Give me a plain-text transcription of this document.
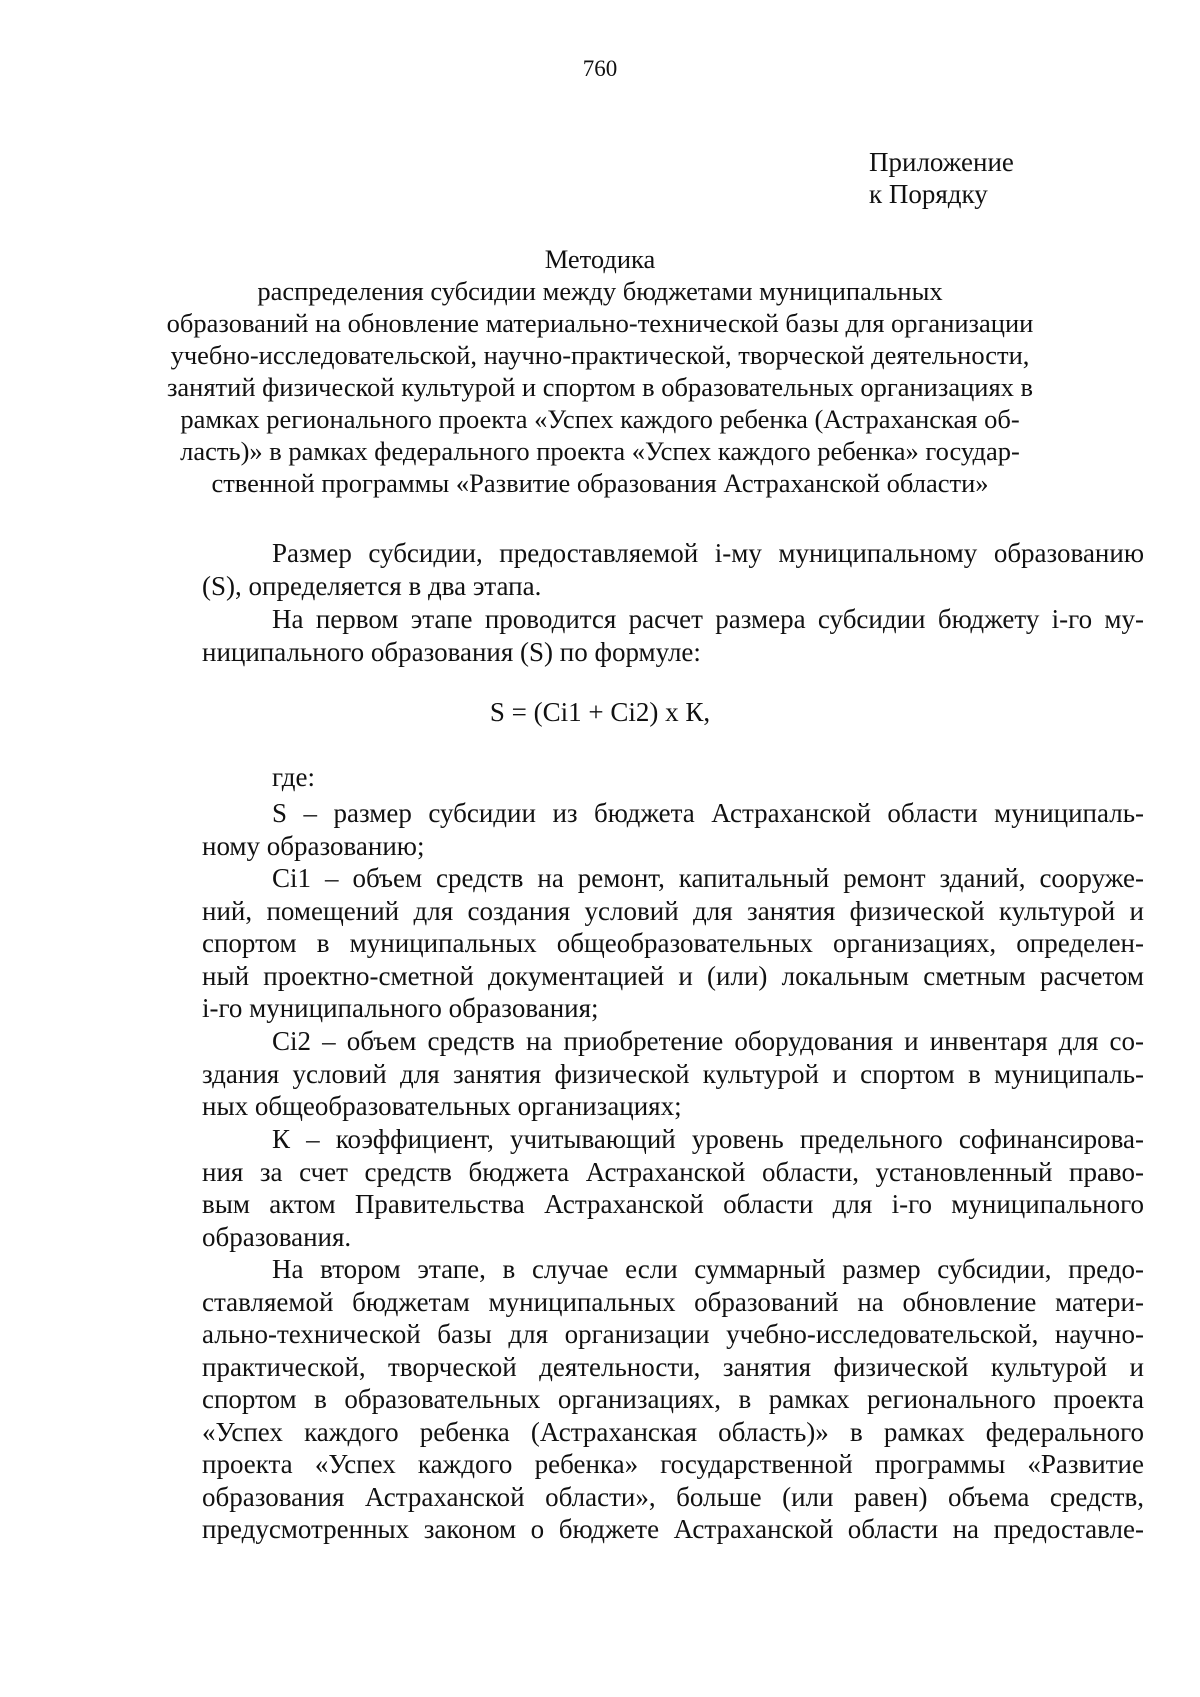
760
Приложение
к Порядку
Методика
распределения субсидии между бюджетами муниципальных
образований на обновление материально-технической базы для организации
учебно-исследовательской, научно-практической, творческой деятельности,
занятий физической культурой и спортом в образовательных организациях в
рамках регионального проекта «Успех каждого ребенка (Астраханская об-
ласть)» в рамках федерального проекта «Успех каждого ребенка» государ-
ственной программы «Развитие образования Астраханской области»
Размер субсидии, предоставляемой i-му муниципальному образованию
(S), определяется в два этапа.
На первом этапе проводится расчет размера субсидии бюджету i-го му-
ниципального образования (S) по формуле:
S = (Ci1 + Ci2) х К,
где:
S – размер субсидии из бюджета Астраханской области муниципаль-
ному образованию;
Ci1 – объем средств на ремонт, капитальный ремонт зданий, сооруже-
ний, помещений для создания условий для занятия физической культурой и
спортом в муниципальных общеобразовательных организациях, определен-
ный проектно-сметной документацией и (или) локальным сметным расчетом
i-го муниципального образования;
Ci2 – объем средств на приобретение оборудования и инвентаря для со-
здания условий для занятия физической культурой и спортом в муниципаль-
ных общеобразовательных организациях;
К – коэффициент, учитывающий уровень предельного софинансирова-
ния за счет средств бюджета Астраханской области, установленный право-
вым актом Правительства Астраханской области для i-го муниципального
образования.
На втором этапе, в случае если суммарный размер субсидии, предо-
ставляемой бюджетам муниципальных образований на обновление матери-
ально-технической базы для организации учебно-исследовательской, научно-
практической, творческой деятельности, занятия физической культурой и
спортом в образовательных организациях, в рамках регионального проекта
«Успех каждого ребенка (Астраханская область)» в рамках федерального
проекта «Успех каждого ребенка» государственной программы «Развитие
образования Астраханской области», больше (или равен) объема средств,
предусмотренных законом о бюджете Астраханской области на предоставле-
